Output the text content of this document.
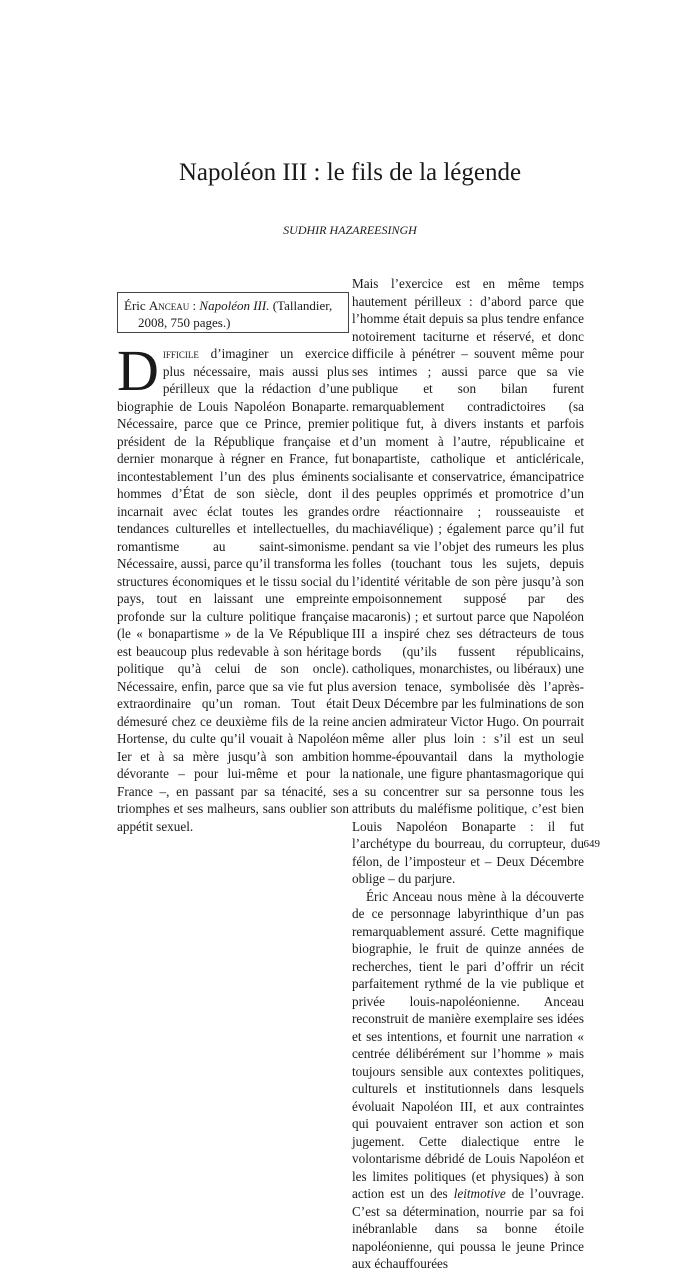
Napoléon III : le fils de la légende
SUDHIR HAZAREESINGH
Éric Anceau : Napoléon III. (Tallandier, 2008, 750 pages.)

Difficile d’imaginer un exercice plus nécessaire, mais aussi plus périlleux que la rédaction d’une biographie de Louis Napoléon Bonaparte. Nécessaire, parce que ce Prince, premier président de la République française et dernier monarque à régner en France, fut incontestablement l’un des plus éminents hommes d’État de son siècle, dont il incarnait avec éclat toutes les grandes tendances culturelles et intellectuelles, du romantisme au saint-simonisme. Nécessaire, aussi, parce qu’il transforma les structures économiques et le tissu social du pays, tout en laissant une empreinte profonde sur la culture politique française (le « bonapartisme » de la Ve République est beaucoup plus redevable à son héritage politique qu’à celui de son oncle). Nécessaire, enfin, parce que sa vie fut plus extraordinaire qu’un roman. Tout était démesuré chez ce deuxième fils de la reine Hortense, du culte qu’il vouait à Napoléon Ier et à sa mère jusqu’à son ambition dévorante – pour lui-même et pour la France –, en passant par sa ténacité, ses triomphes et ses malheurs, sans oublier son appétit sexuel.

Mais l’exercice est en même temps hautement périlleux : d’abord parce que l’homme était depuis sa plus tendre enfance notoirement taciturne et réservé, et donc difficile à pénétrer – souvent même pour ses intimes ; aussi parce que sa vie publique et son bilan furent remarquablement contradictoires (sa politique fut, à divers instants et parfois d’un moment à l’autre, républicaine et bonapartiste, catholique et anticléricale, socialisante et conservatrice, émancipatrice des peuples opprimés et promotrice d’un ordre réactionnaire ; rousseauiste et machiavélique) ; également parce qu’il fut pendant sa vie l’objet des rumeurs les plus folles (touchant tous les sujets, depuis l’identité véritable de son père jusqu’à son empoisonnement supposé par des macaronis) ; et surtout parce que Napoléon III a inspiré chez ses détracteurs de tous bords (qu’ils fussent républicains, catholiques, monarchistes, ou libéraux) une aversion tenace, symbolisée dès l’après-Deux Décembre par les fulminations de son ancien admirateur Victor Hugo. On pourrait même aller plus loin : s’il est un seul homme-épouvantail dans la mythologie nationale, une figure phantasmagorique qui a su concentrer sur sa personne tous les attributs du maléfisme politique, c’est bien Louis Napoléon Bonaparte : il fut l’archétype du bourreau, du corrupteur, du félon, de l’imposteur et – Deux Décembre oblige – du parjure.

Éric Anceau nous mène à la découverte de ce personnage labyrinthique d’un pas remarquablement assuré. Cette magnifique biographie, le fruit de quinze années de recherches, tient le pari d’offrir un récit parfaitement rythmé de la vie publique et privée louis-napoléonienne. Anceau reconstruit de manière exemplaire ses idées et ses intentions, et fournit une narration « centrée délibérément sur l’homme » mais toujours sensible aux contextes politiques, culturels et institutionnels dans lesquels évoluait Napoléon III, et aux contraintes qui pouvaient entraver son action et son jugement. Cette dialectique entre le volontarisme débridé de Louis Napoléon et les limites politiques (et physiques) à son action est un des leitmotive de l’ouvrage. C’est sa détermination, nourrie par sa foi inébranlable dans sa bonne étoile napoléonienne, qui poussa le jeune Prince aux échauffourées

649
